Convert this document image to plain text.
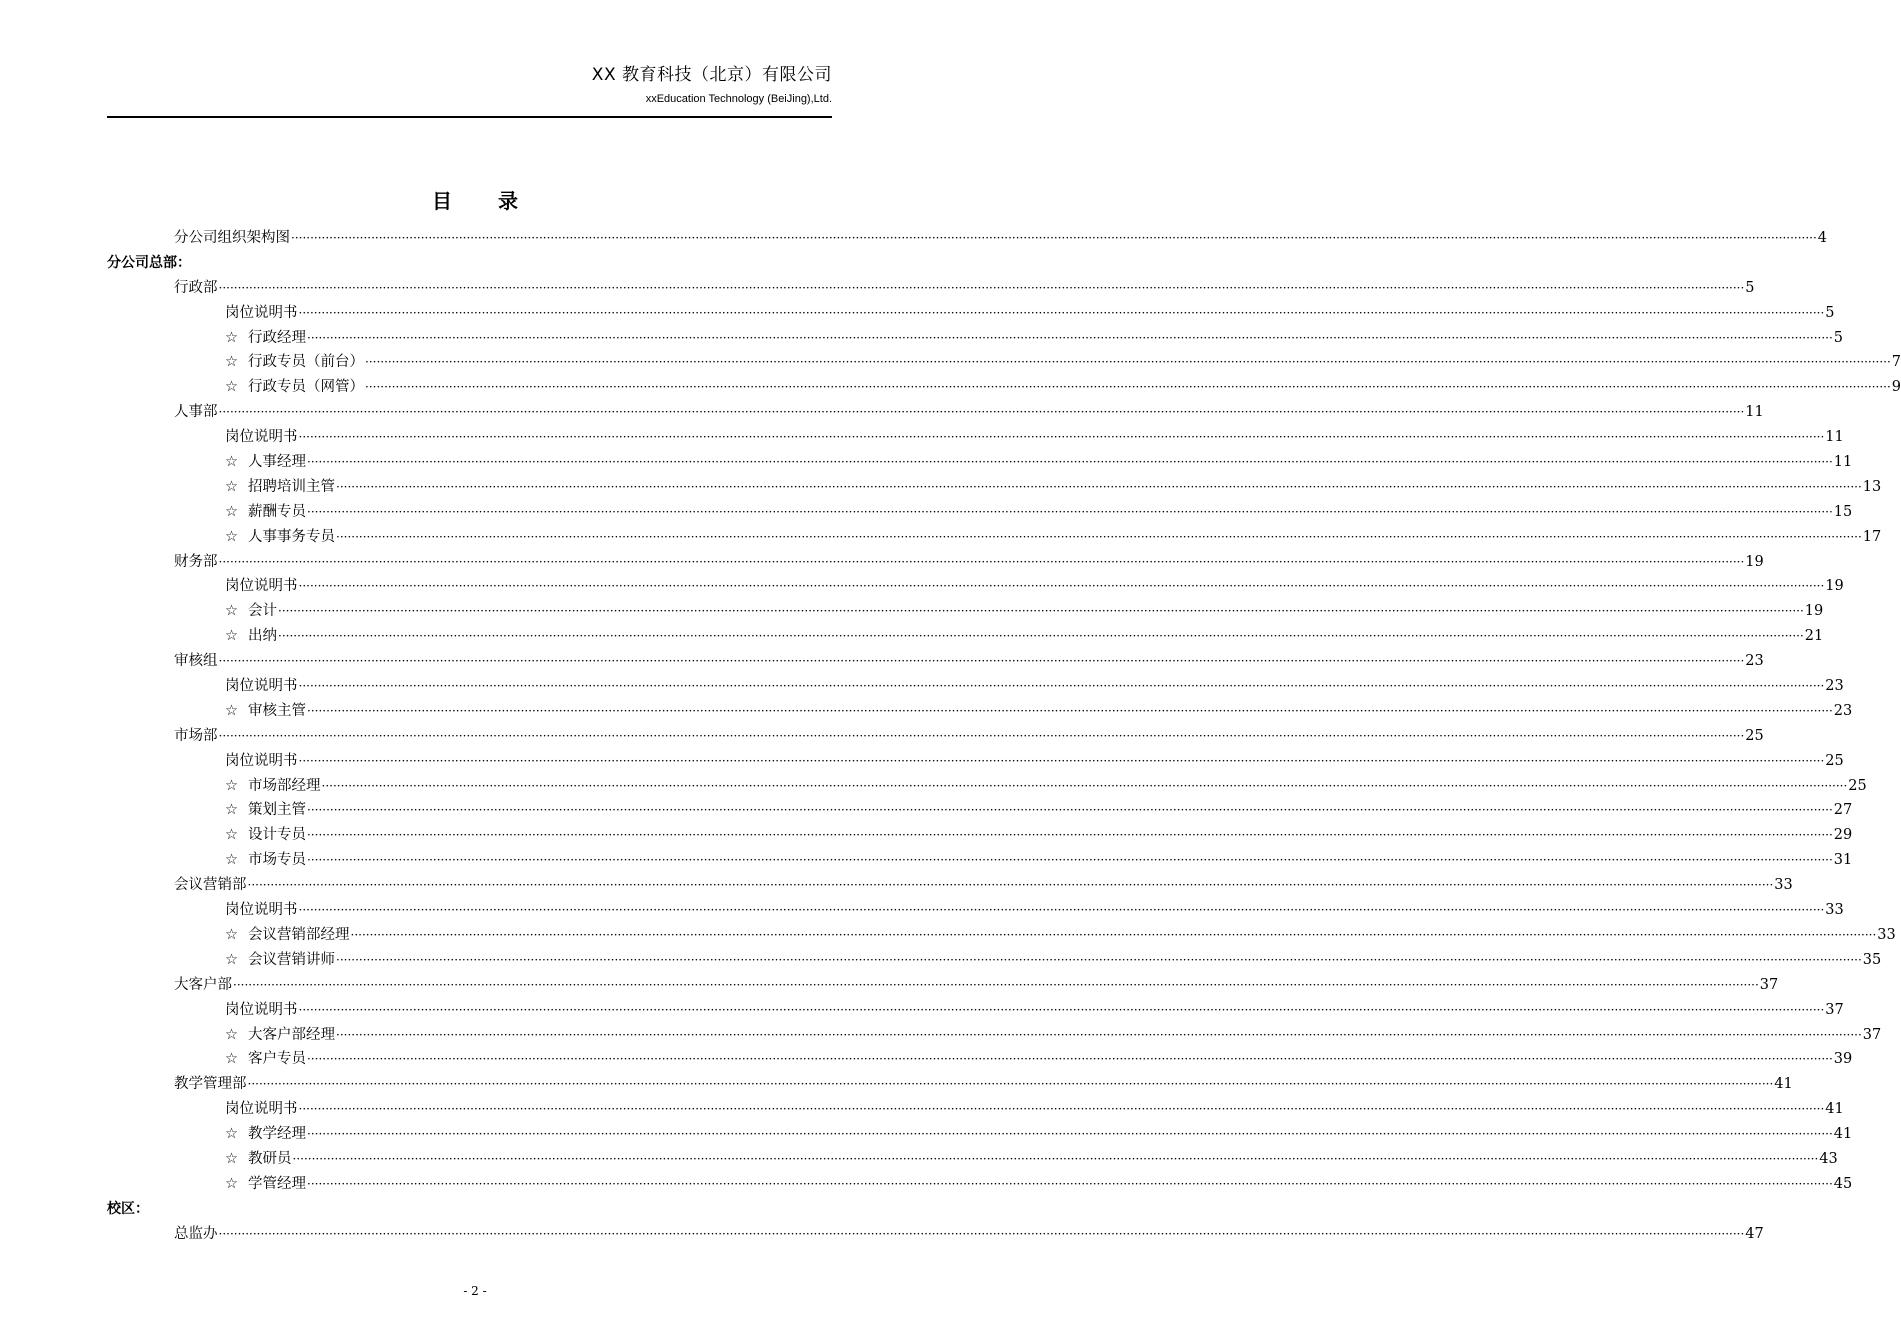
XX 教育科技（北京）有限公司
xxEducation Technology (BeiJing),Ltd.
目 录
分公司组织架构图 ················································································································································································································································································································································································································ 4
分公司总部：
行政部 ················································································································································································································································································································································································································ 5
岗位说明书 ················································································································································································································································································································································································································ 5
☆ 行政经理 ················································································································································································································································································································································································································ 5
☆ 行政专员（前台） ················································································································································································································································································································································································································ 7
☆ 行政专员（网管） ················································································································································································································································································································································································································ 9
人事部 ················································································································································································································································································································································································································ 11
岗位说明书 ················································································································································································································································································································································································································ 11
☆ 人事经理 ················································································································································································································································································································································································································ 11
☆ 招聘培训主管 ················································································································································································································································································································································································································ 13
☆ 薪酬专员 ················································································································································································································································································································································································································ 15
☆ 人事事务专员 ················································································································································································································································································································································································································ 17
财务部 ················································································································································································································································································································································································································ 19
岗位说明书 ················································································································································································································································································································································································································ 19
☆ 会计 ················································································································································································································································································································································································································ 19
☆ 出纳 ················································································································································································································································································································································································································ 21
审核组 ················································································································································································································································································································································································································ 23
岗位说明书 ················································································································································································································································································································································································································ 23
☆ 审核主管 ················································································································································································································································································································································································································ 23
市场部 ················································································································································································································································································································································································································ 25
岗位说明书 ················································································································································································································································································································································································································ 25
☆ 市场部经理 ················································································································································································································································································································································································································ 25
☆ 策划主管 ················································································································································································································································································································································································································ 27
☆ 设计专员 ················································································································································································································································································································································································································ 29
☆ 市场专员 ················································································································································································································································································································································································································ 31
会议营销部 ················································································································································································································································································································································································································ 33
岗位说明书 ················································································································································································································································································································································································································ 33
☆ 会议营销部经理 ················································································································································································································································································································································································································ 33
☆ 会议营销讲师 ················································································································································································································································································································································································································ 35
大客户部 ················································································································································································································································································································································································································ 37
岗位说明书 ················································································································································································································································································································································································································ 37
☆ 大客户部经理 ················································································································································································································································································································································································································ 37
☆ 客户专员 ················································································································································································································································································································································································································ 39
教学管理部 ················································································································································································································································································································································································································ 41
岗位说明书 ················································································································································································································································································································································································································ 41
☆ 教学经理 ················································································································································································································································································································································································································ 41
☆ 教研员 ················································································································································································································································································································································································································ 43
☆ 学管经理 ················································································································································································································································································································································································································ 45
校区：
总监办 ················································································································································································································································································································································································································ 47
- 2 -
